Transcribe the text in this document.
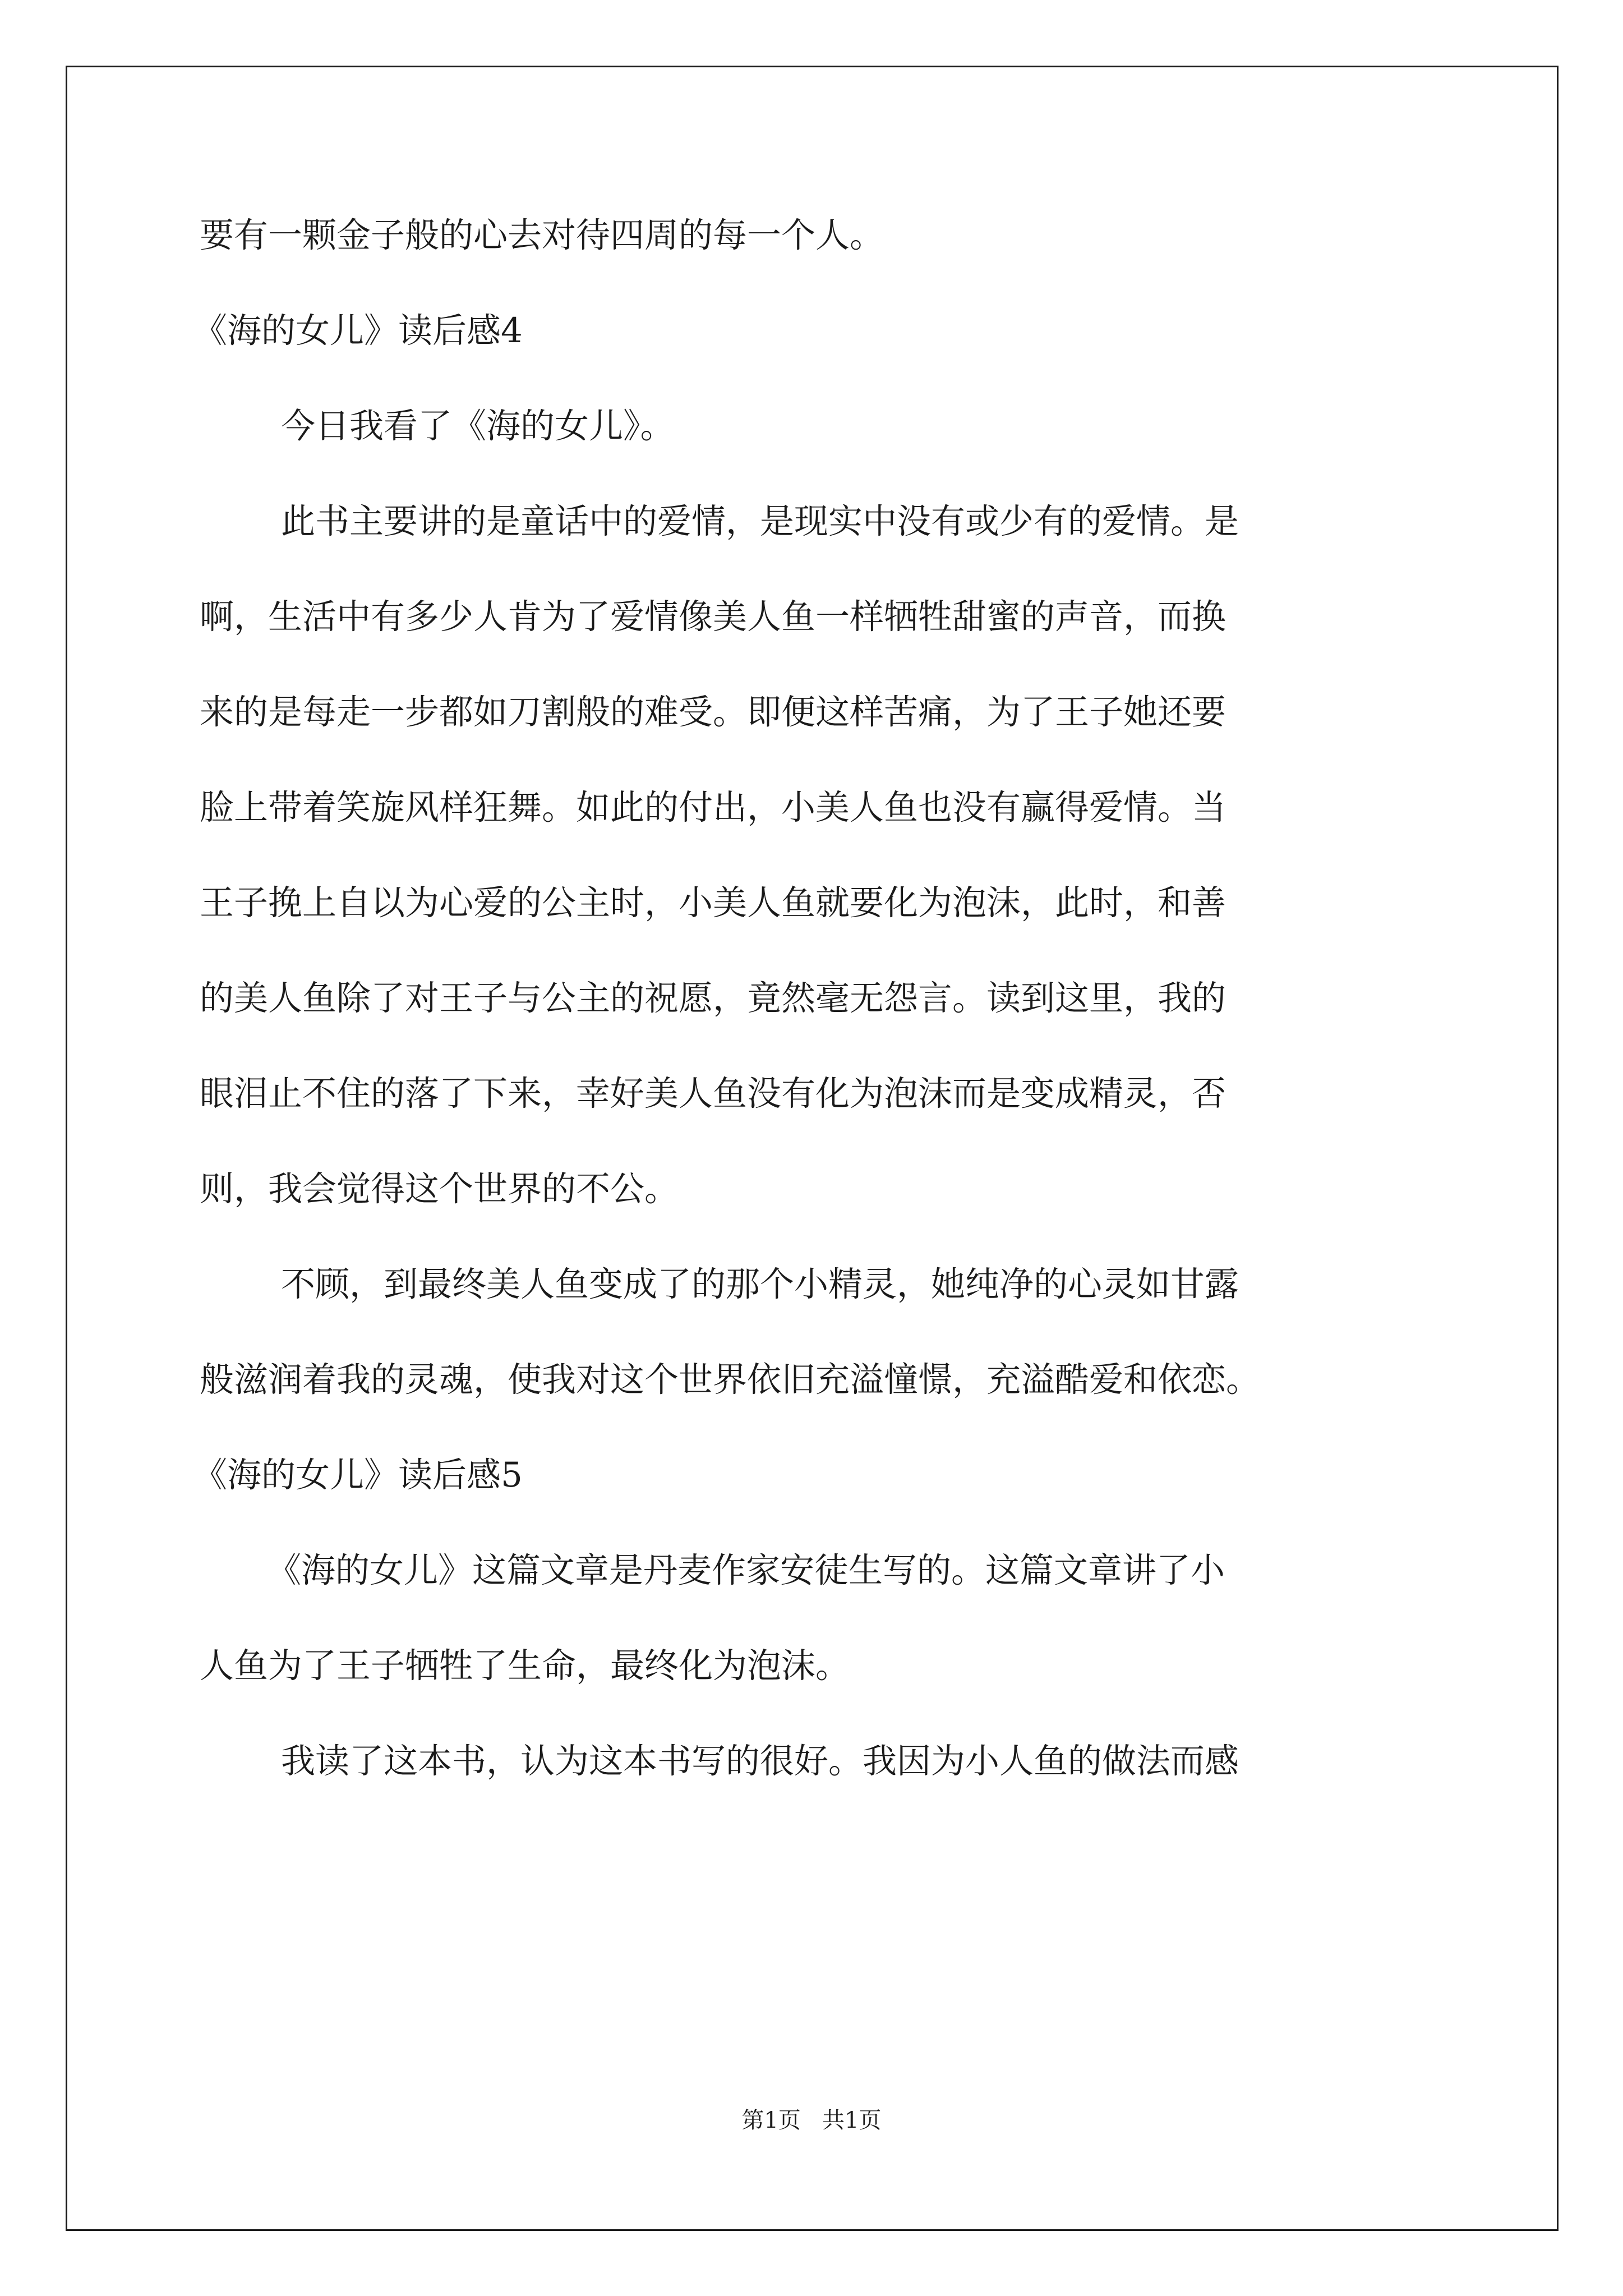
要有一颗金子般的心去对待四周的每一个人。
《海的女儿》读后感4
今日我看了《海的女儿》。
此书主要讲的是童话中的爱情，是现实中没有或少有的爱情。是
啊，生活中有多少人肯为了爱情像美人鱼一样牺牲甜蜜的声音，而换
来的是每走一步都如刀割般的难受。即便这样苦痛，为了王子她还要
脸上带着笑旋风样狂舞。如此的付出，小美人鱼也没有赢得爱情。当
王子挽上自以为心爱的公主时，小美人鱼就要化为泡沫，此时，和善
的美人鱼除了对王子与公主的祝愿，竟然毫无怨言。读到这里，我的
眼泪止不住的落了下来，幸好美人鱼没有化为泡沫而是变成精灵，否
则，我会觉得这个世界的不公。
不顾，到最终美人鱼变成了的那个小精灵，她纯净的心灵如甘露
般滋润着我的灵魂，使我对这个世界依旧充溢憧憬，充溢酷爱和依恋。
《海的女儿》读后感5
《海的女儿》这篇文章是丹麦作家安徒生写的。这篇文章讲了小
人鱼为了王子牺牲了生命，最终化为泡沫。
我读了这本书，认为这本书写的很好。我因为小人鱼的做法而感
第1页   共1页
